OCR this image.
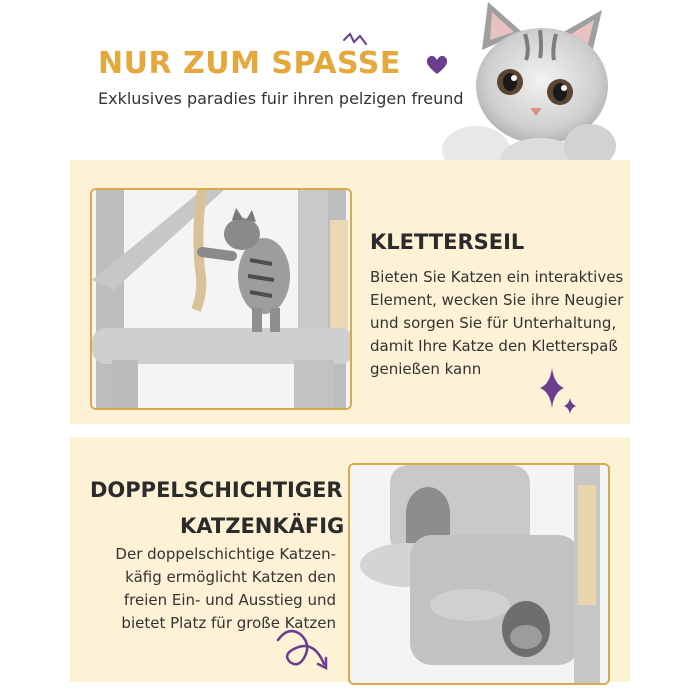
NUR ZUM SPASSE
Exklusives paradies fuir ihren pelzigen freund
KLETTERSEIL
Bieten Sie Katzen ein interaktives
Element, wecken Sie ihre Neugier
und sorgen Sie für Unterhaltung,
damit Ihre Katze den Kletterspaß
genießen kann
DOPPELSCHICHTIGER
KATZENKÄFIG
Der doppelschichtige Katzen-
käfig ermöglicht Katzen den
freien Ein- und Ausstieg und
bietet Platz für große Katzen
